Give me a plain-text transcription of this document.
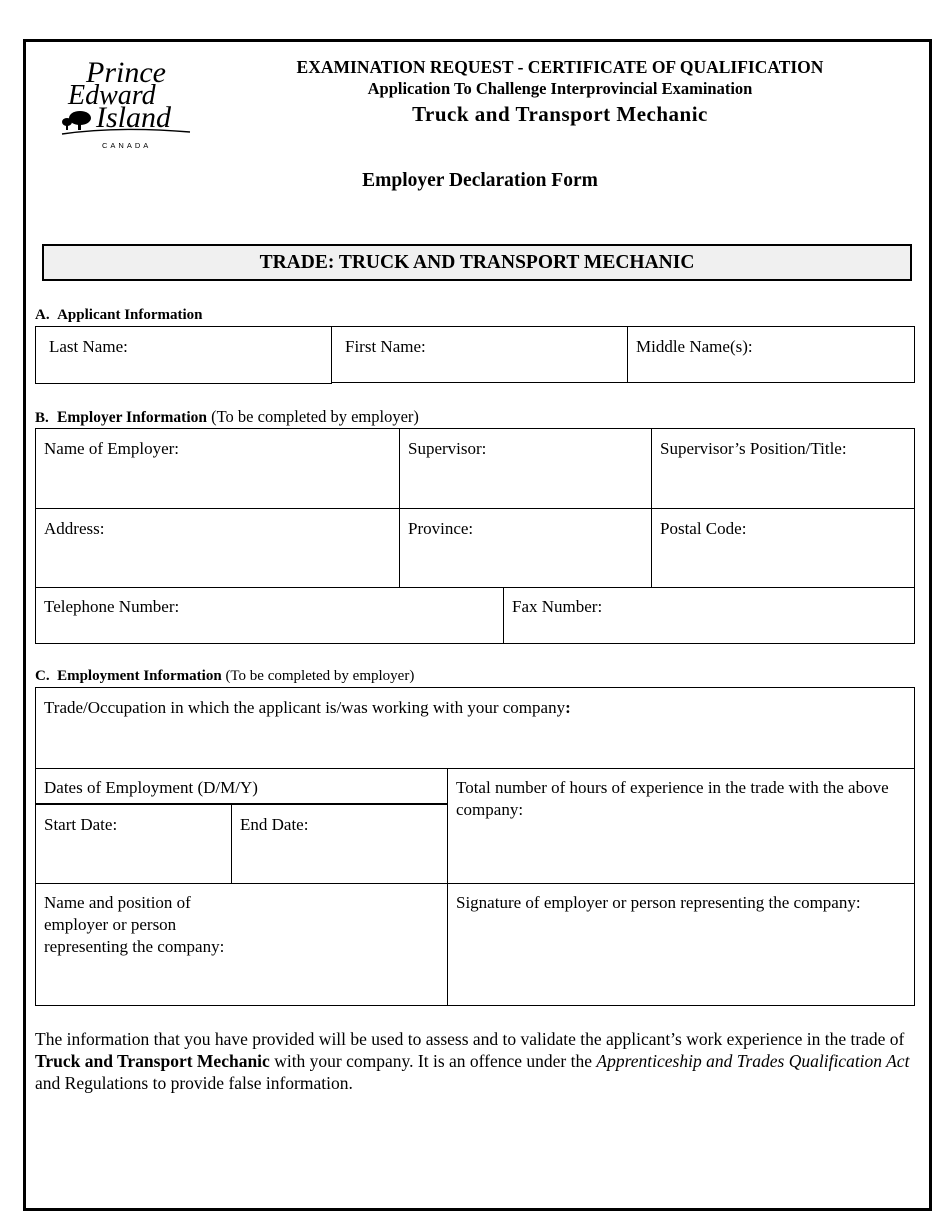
Prince
Edward
Island
CANADA
EXAMINATION REQUEST - CERTIFICATE OF QUALIFICATION
Application To Challenge Interprovincial Examination
Truck and Transport Mechanic
Employer Declaration Form
TRADE: TRUCK AND TRANSPORT MECHANIC
A. Applicant Information
Last Name:	First Name:	Middle Name(s):
B. Employer Information (To be completed by employer)
Name of Employer:	Supervisor:	Supervisor’s Position/Title:
Address:	Province:	Postal Code:
Telephone Number:	Fax Number:
C. Employment Information (To be completed by employer)
Trade/Occupation in which the applicant is/was working with your company:
Dates of Employment (D/M/Y)
Start Date:	End Date:
Total number of hours of experience in the trade with the above company:
Name and position of employer or person representing the company:
Signature of employer or person representing the company:
The information that you have provided will be used to assess and to validate the applicant’s work experience in the trade of Truck and Transport Mechanic with your company. It is an offence under the Apprenticeship and Trades Qualification Act and Regulations to provide false information.
